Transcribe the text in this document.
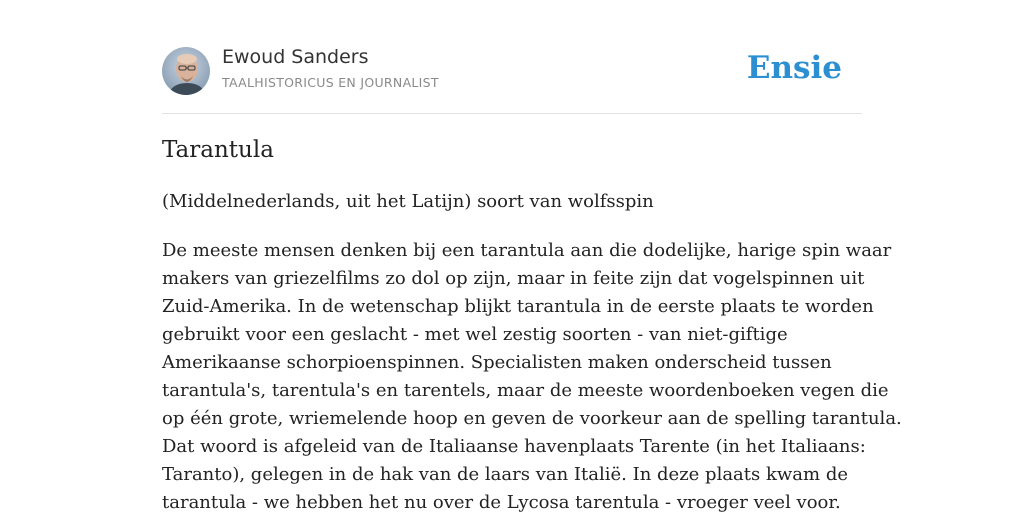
Ewoud Sanders
TAALHISTORICUS EN JOURNALIST	Ensie
Tarantula

(Middelnederlands, uit het Latijn) soort van wolfsspin

De meeste mensen denken bij een tarantula aan die dodelijke, harige spin waar
makers van griezelfilms zo dol op zijn, maar in feite zijn dat vogelspinnen uit
Zuid-Amerika. In de wetenschap blijkt tarantula in de eerste plaats te worden
gebruikt voor een geslacht - met wel zestig soorten - van niet-giftige
Amerikaanse schorpioenspinnen. Specialisten maken onderscheid tussen
tarantula's, tarentula's en tarentels, maar de meeste woordenboeken vegen die
op één grote, wriemelende hoop en geven de voorkeur aan de spelling tarantula.
Dat woord is afgeleid van de Italiaanse havenplaats Tarente (in het Italiaans:
Taranto), gelegen in de hak van de laars van Italië. In deze plaats kwam de
tarantula - we hebben het nu over de Lycosa tarentula - vroeger veel voor.
